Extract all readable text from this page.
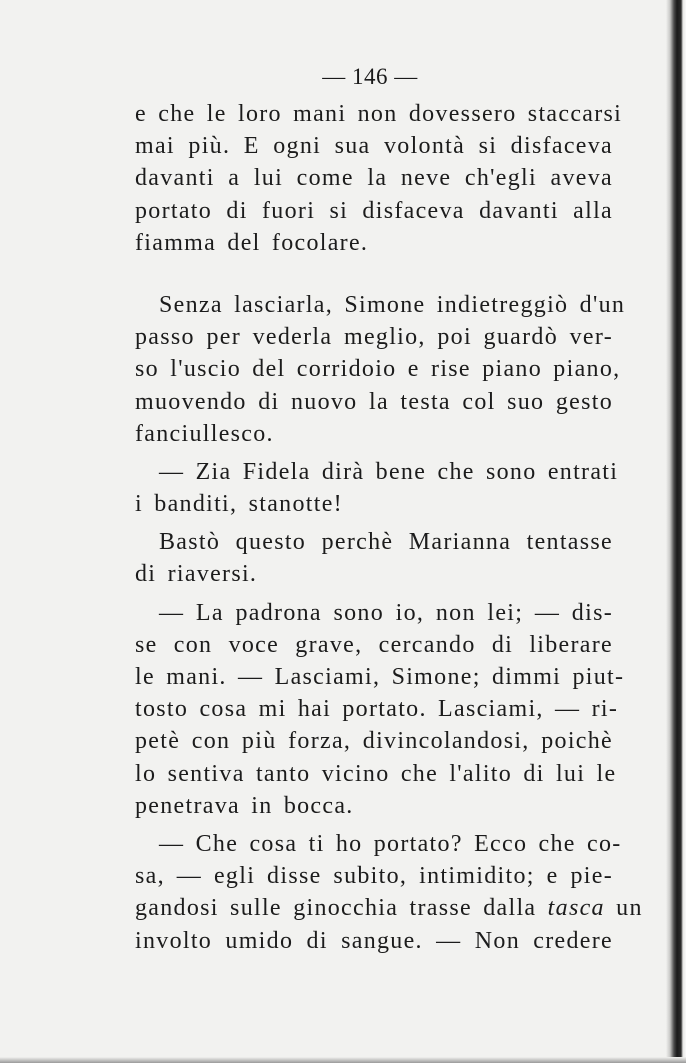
— 146 —

e che le loro mani non dovessero staccarsi
mai più. E ogni sua volontà si disfaceva
davanti a lui come la neve ch'egli aveva
portato di fuori si disfaceva davanti alla
fiamma del focolare.
Senza lasciarla, Simone indietreggiò d'un
passo per vederla meglio, poi guardò ver-
so l'uscio del corridoio e rise piano piano,
muovendo di nuovo la testa col suo gesto
fanciullesco.
— Zia Fidela dirà bene che sono entrati
i banditi, stanotte!
Bastò questo perchè Marianna tentasse
di riaversi.
— La padrona sono io, non lei; — dis-
se con voce grave, cercando di liberare
le mani. — Lasciami, Simone; dimmi piut-
tosto cosa mi hai portato. Lasciami, — ri-
petè con più forza, divincolandosi, poichè
lo sentiva tanto vicino che l'alito di lui le
penetrava in bocca.
— Che cosa ti ho portato? Ecco che co-
sa, — egli disse subito, intimidito; e pie-
gandosi sulle ginocchia trasse dalla tasca un
involto umido di sangue. — Non credere
